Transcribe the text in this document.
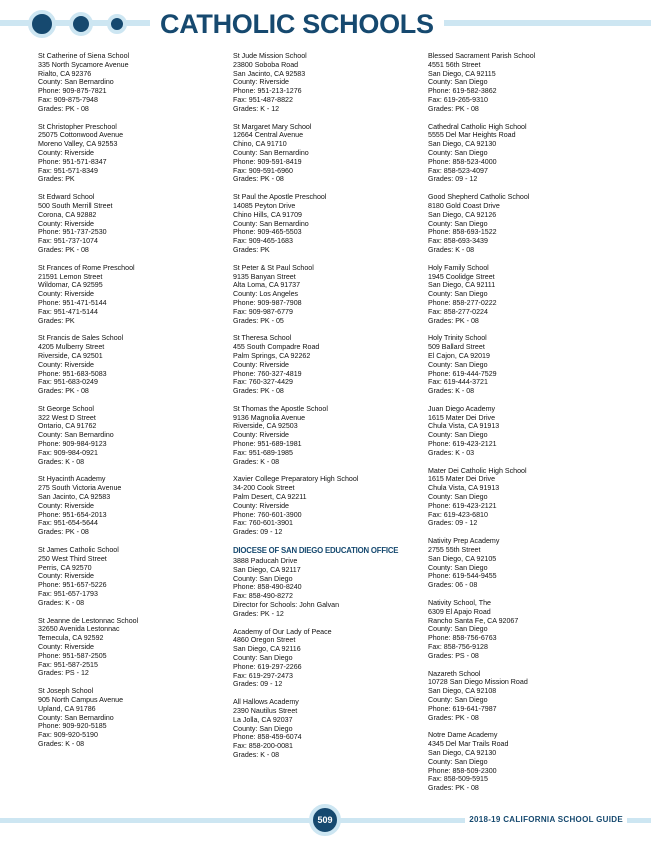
CATHOLIC SCHOOLS
St Catherine of Siena School
335 North Sycamore Avenue
Rialto, CA 92376
County: San Bernardino
Phone: 909-875-7821
Fax: 909-875-7948
Grades: PK - 08
St Christopher Preschool
25075 Cottonwood Avenue
Moreno Valley, CA 92553
County: Riverside
Phone: 951-571-8347
Fax: 951-571-8349
Grades: PK
St Edward School
500 South Merrill Street
Corona, CA 92882
County: Riverside
Phone: 951-737-2530
Fax: 951-737-1074
Grades: PK - 08
St Frances of Rome Preschool
21591 Lemon Street
Wildomar, CA 92595
County: Riverside
Phone: 951-471-5144
Fax: 951-471-5144
Grades: PK
St Francis de Sales School
4205 Mulberry Street
Riverside, CA 92501
County: Riverside
Phone: 951-683-5083
Fax: 951-683-0249
Grades: PK - 08
St George School
322 West D Street
Ontario, CA 91762
County: San Bernardino
Phone: 909-984-9123
Fax: 909-984-0921
Grades: K - 08
St Hyacinth Academy
275 South Victoria Avenue
San Jacinto, CA 92583
County: Riverside
Phone: 951-654-2013
Fax: 951-654-5644
Grades: PK - 08
St James Catholic School
250 West Third Street
Perris, CA 92570
County: Riverside
Phone: 951-657-5226
Fax: 951-657-1793
Grades: K - 08
St Jeanne de Lestonnac School
32650 Avenida Lestonnac
Temecula, CA 92592
County: Riverside
Phone: 951-587-2505
Fax: 951-587-2515
Grades: PS - 12
St Joseph School
905 North Campus Avenue
Upland, CA 91786
County: San Bernardino
Phone: 909-920-5185
Fax: 909-920-5190
Grades: K - 08
St Jude Mission School
23800 Soboba Road
San Jacinto, CA 92583
County: Riverside
Phone: 951-213-1276
Fax: 951-487-8822
Grades: K - 12
St Margaret Mary School
12664 Central Avenue
Chino, CA 91710
County: San Bernardino
Phone: 909-591-8419
Fax: 909-591-6960
Grades: PK - 08
St Paul the Apostle Preschool
14085 Peyton Drive
Chino Hills, CA 91709
County: San Bernardino
Phone: 909-465-5503
Fax: 909-465-1683
Grades: PK
St Peter & St Paul School
9135 Banyan Street
Alta Loma, CA 91737
County: Los Angeles
Phone: 909-987-7908
Fax: 909-987-6779
Grades: PK - 05
St Theresa School
455 South Compadre Road
Palm Springs, CA 92262
County: Riverside
Phone: 760-327-4819
Fax: 760-327-4429
Grades: PK - 08
St Thomas the Apostle School
9136 Magnolia Avenue
Riverside, CA 92503
County: Riverside
Phone: 951-689-1981
Fax: 951-689-1985
Grades: K - 08
Xavier College Preparatory High School
34-200 Cook Street
Palm Desert, CA 92211
County: Riverside
Phone: 760-601-3900
Fax: 760-601-3901
Grades: 09 - 12
DIOCESE OF SAN DIEGO EDUCATION OFFICE
3888 Paducah Drive
San Diego, CA 92117
County: San Diego
Phone: 858-490-8240
Fax: 858-490-8272
Director for Schools: John Galvan
Grades: PK - 12
Academy of Our Lady of Peace
4860 Oregon Street
San Diego, CA 92116
County: San Diego
Phone: 619-297-2266
Fax: 619-297-2473
Grades: 09 - 12
All Hallows Academy
2390 Nautilus Street
La Jolla, CA 92037
County: San Diego
Phone: 858-459-6074
Fax: 858-200-0081
Grades: K - 08
Blessed Sacrament Parish School
4551 56th Street
San Diego, CA 92115
County: San Diego
Phone: 619-582-3862
Fax: 619-265-9310
Grades: PK - 08
Cathedral Catholic High School
5555 Del Mar Heights Road
San Diego, CA 92130
County: San Diego
Phone: 858-523-4000
Fax: 858-523-4097
Grades: 09 - 12
Good Shepherd Catholic School
8180 Gold Coast Drive
San Diego, CA 92126
County: San Diego
Phone: 858-693-1522
Fax: 858-693-3439
Grades: K - 08
Holy Family School
1945 Coolidge Street
San Diego, CA 92111
County: San Diego
Phone: 858-277-0222
Fax: 858-277-0224
Grades: PK - 08
Holy Trinity School
509 Ballard Street
El Cajon, CA 92019
County: San Diego
Phone: 619-444-7529
Fax: 619-444-3721
Grades: K - 08
Juan Diego Academy
1615 Mater Dei Drive
Chula Vista, CA 91913
County: San Diego
Phone: 619-423-2121
Grades: K - 03
Mater Dei Catholic High School
1615 Mater Dei Drive
Chula Vista, CA 91913
County: San Diego
Phone: 619-423-2121
Fax: 619-423-6810
Grades: 09 - 12
Nativity Prep Academy
2755 55th Street
San Diego, CA 92105
County: San Diego
Phone: 619-544-9455
Grades: 06 - 08
Nativity School, The
6309 El Apajo Road
Rancho Santa Fe, CA 92067
County: San Diego
Phone: 858-756-6763
Fax: 858-756-9128
Grades: PS - 08
Nazareth School
10728 San Diego Mission Road
San Diego, CA 92108
County: San Diego
Phone: 619-641-7987
Grades: PK - 08
Notre Dame Academy
4345 Del Mar Trails Road
San Diego, CA 92130
County: San Diego
Phone: 858-509-2300
Fax: 858-509-5915
Grades: PK - 08
509	2018-19 CALIFORNIA SCHOOL GUIDE
